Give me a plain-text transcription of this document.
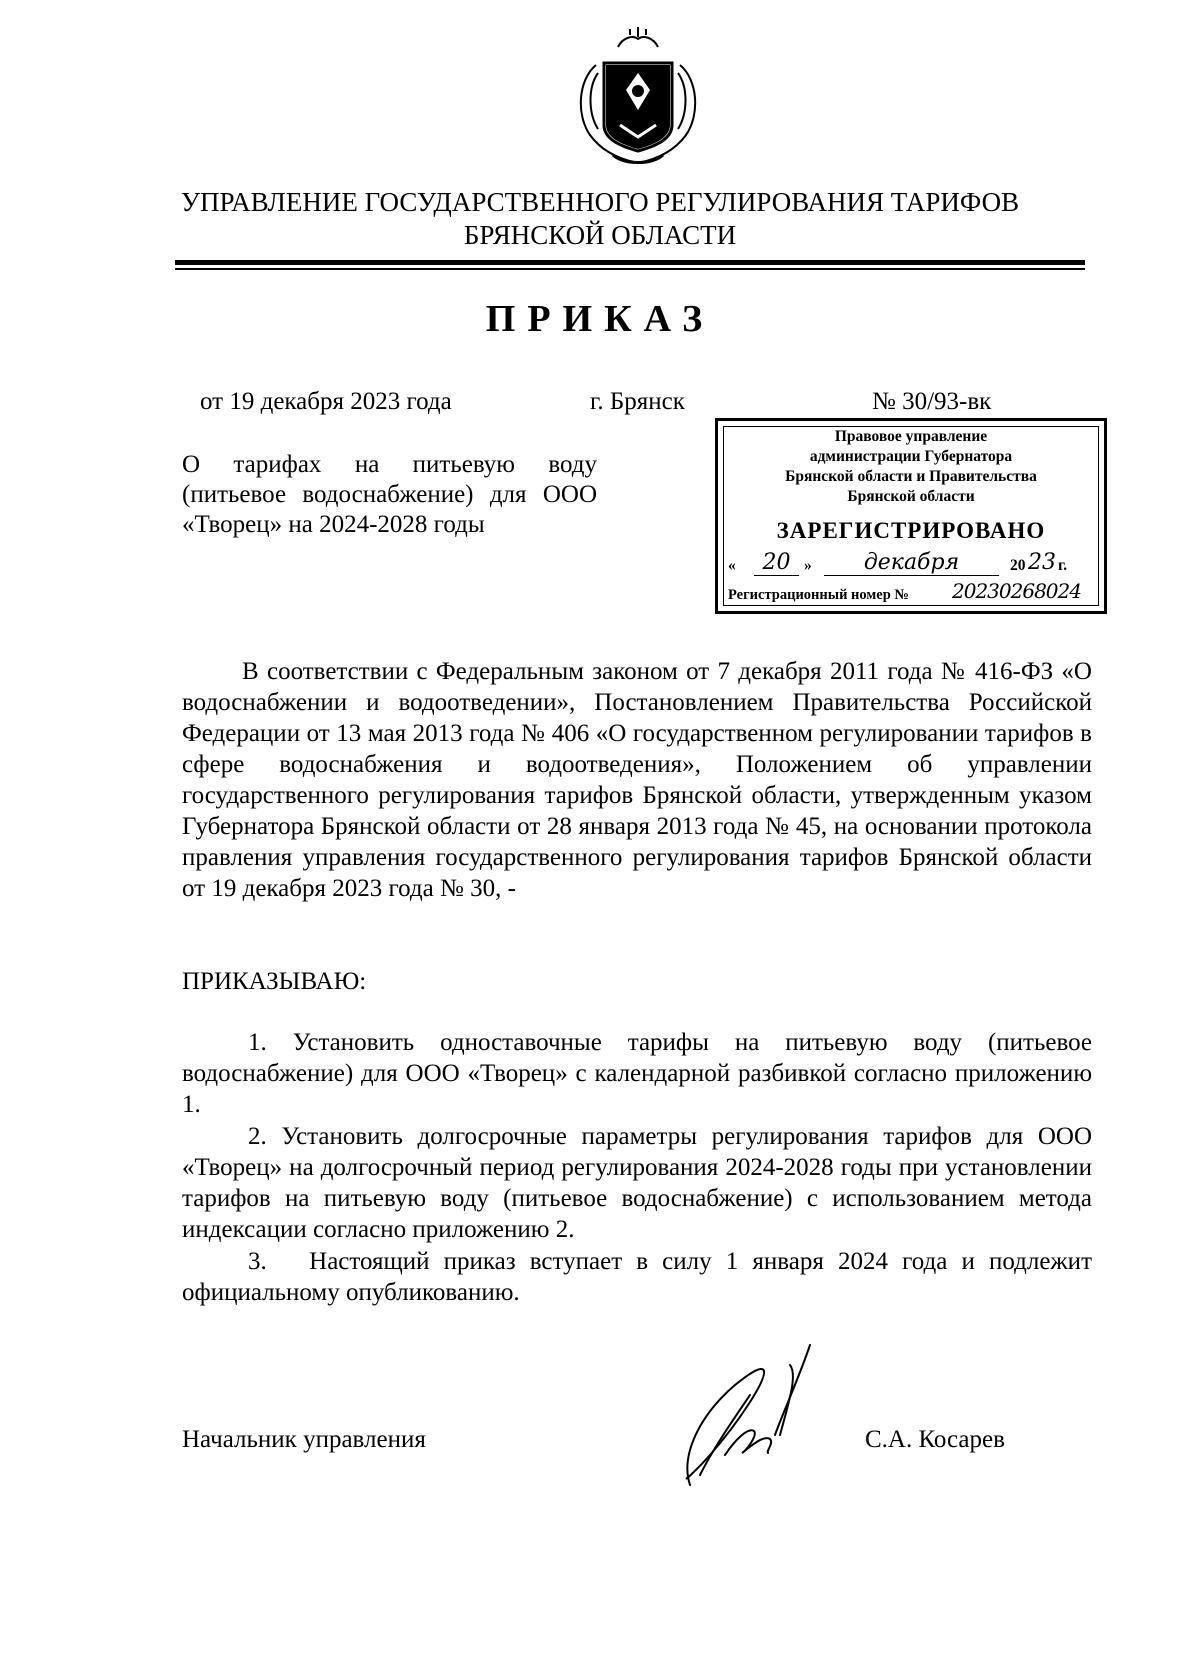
УПРАВЛЕНИЕ ГОСУДАРСТВЕННОГО РЕГУЛИРОВАНИЯ ТАРИФОВ
БРЯНСКОЙ ОБЛАСТИ
ПРИКАЗ
от 19 декабря 2023 года	г. Брянск	№ 30/93-вк
О тарифах на питьевую воду (питьевое водоснабжение) для ООО «Творец» на 2024-2028 годы
Правовое управление
администрации Губернатора
Брянской области и Правительства
Брянской области
ЗАРЕГИСТРИРОВАНО
«	20 »	декабря	20 23 г.
Регистрационный номер № 20230268024
В соответствии с Федеральным законом от 7 декабря 2011 года № 416-ФЗ «О водоснабжении и водоотведении», Постановлением Правительства Российской Федерации от 13 мая 2013 года № 406 «О государственном регулировании тарифов в сфере водоснабжения и водоотведения», Положением об управлении государственного регулирования тарифов Брянской области, утвержденным указом Губернатора Брянской области от 28 января 2013 года № 45, на основании протокола правления управления государственного регулирования тарифов Брянской области от 19 декабря 2023 года № 30, -
ПРИКАЗЫВАЮ:
1. Установить одноставочные тарифы на питьевую воду (питьевое водоснабжение) для ООО «Творец» с календарной разбивкой согласно приложению 1.
2. Установить долгосрочные параметры регулирования тарифов для ООО «Творец» на долгосрочный период регулирования 2024-2028 годы при установлении тарифов на питьевую воду (питьевое водоснабжение) с использованием метода индексации согласно приложению 2.
3.   Настоящий приказ вступает в силу 1 января 2024 года и подлежит официальному опубликованию.
Начальник управления	С.А. Косарев
